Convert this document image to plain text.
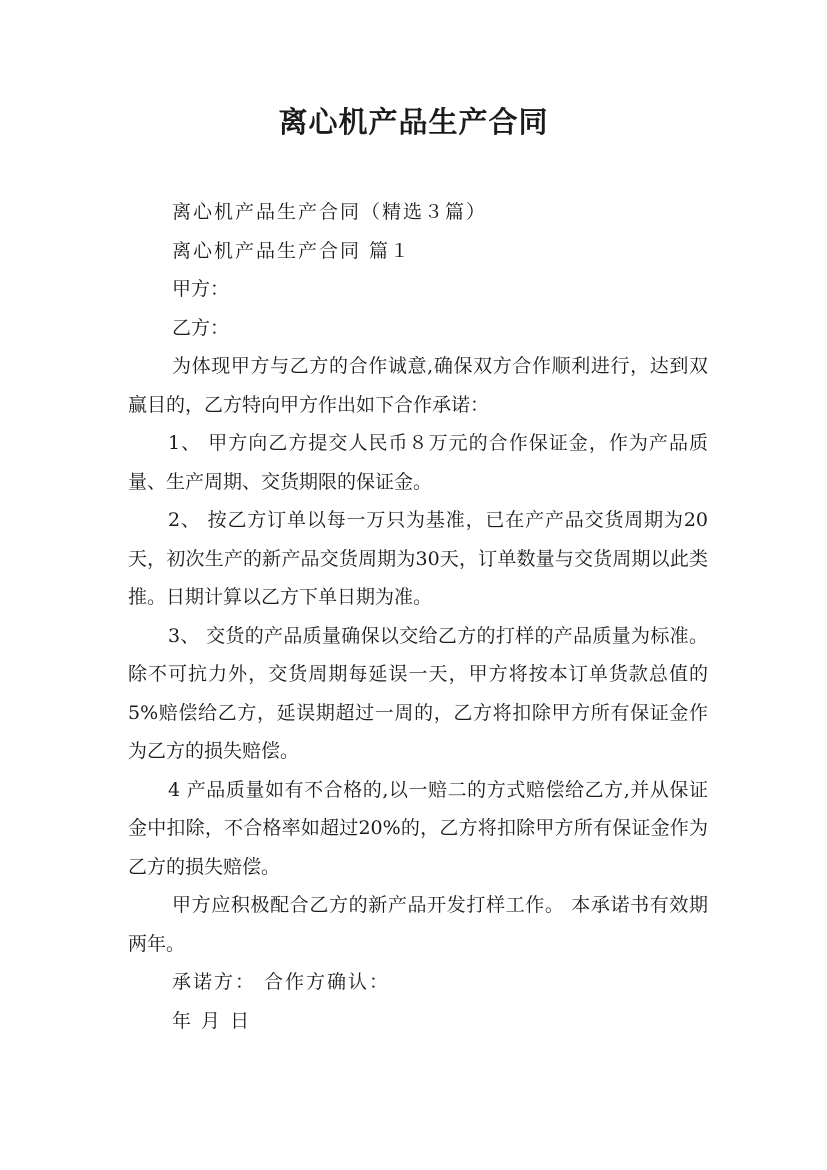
离心机产品生产合同

离心机产品生产合同（精选３篇）

离心机产品生产合同 篇１

甲方：

乙方：

为体现甲方与乙方的合作诚意,确保双方合作顺利进行，达到双赢目的，乙方特向甲方作出如下合作承诺：

1、 甲方向乙方提交人民币８万元的合作保证金，作为产品质量、生产周期、交货期限的保证金。

2、 按乙方订单以每一万只为基准，已在产产品交货周期为20天，初次生产的新产品交货周期为30天，订单数量与交货周期以此类推。日期计算以乙方下单日期为准。

3、 交货的产品质量确保以交给乙方的打样的产品质量为标准。 除不可抗力外，交货周期每延误一天，甲方将按本订单货款总值的5%赔偿给乙方，延误期超过一周的，乙方将扣除甲方所有保证金作为乙方的损失赔偿。

4 产品质量如有不合格的,以一赔二的方式赔偿给乙方,并从保证金中扣除，不合格率如超过20%的，乙方将扣除甲方所有保证金作为乙方的损失赔偿。

甲方应积极配合乙方的新产品开发打样工作。 本承诺书有效期两年。

承诺方： 合作方确认：

年 月 日
